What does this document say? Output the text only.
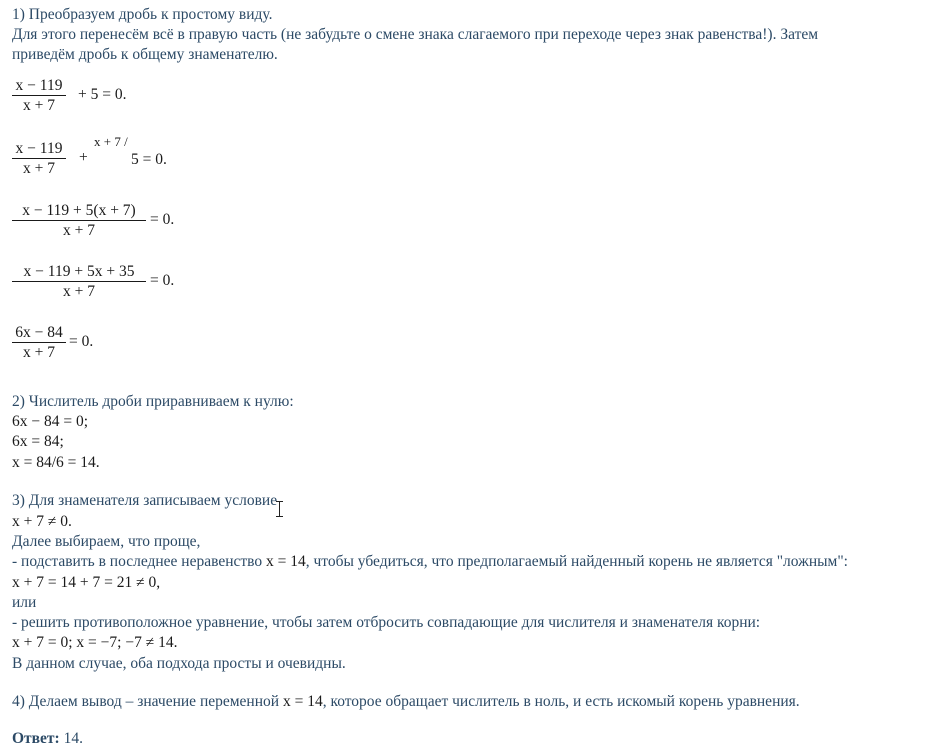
1) Преобразуем дробь к простому виду.
Для этого перенесём всё в правую часть (не забудьте о смене знака слагаемого при переходе через знак равенства!). Затем
приведём дробь к общему знаменателю.
x − 119
x + 7
+ 5 = 0.
x − 119
x + 7
+
x + 7 /
5 = 0.
x − 119 + 5(x + 7)
x + 7
= 0.
x − 119 + 5x + 35
x + 7
= 0.
6x − 84
x + 7
= 0.
2) Числитель дроби приравниваем к нулю:
6x − 84 = 0;
6x = 84;
x = 84/6 = 14.
3) Для знаменателя записываем условие
x + 7 ≠ 0.
Далее выбираем, что проще,
- подставить в последнее неравенство x = 14, чтобы убедиться, что предполагаемый найденный корень не является "ложным":
x + 7 = 14 + 7 = 21 ≠ 0,
или
- решить противоположное уравнение, чтобы затем отбросить совпадающие для числителя и знаменателя корни:
x + 7 = 0; x = −7; −7 ≠ 14.
В данном случае, оба подхода просты и очевидны.
4) Делаем вывод – значение переменной x = 14, которое обращает числитель в ноль, и есть искомый корень уравнения.
Ответ: 14.
